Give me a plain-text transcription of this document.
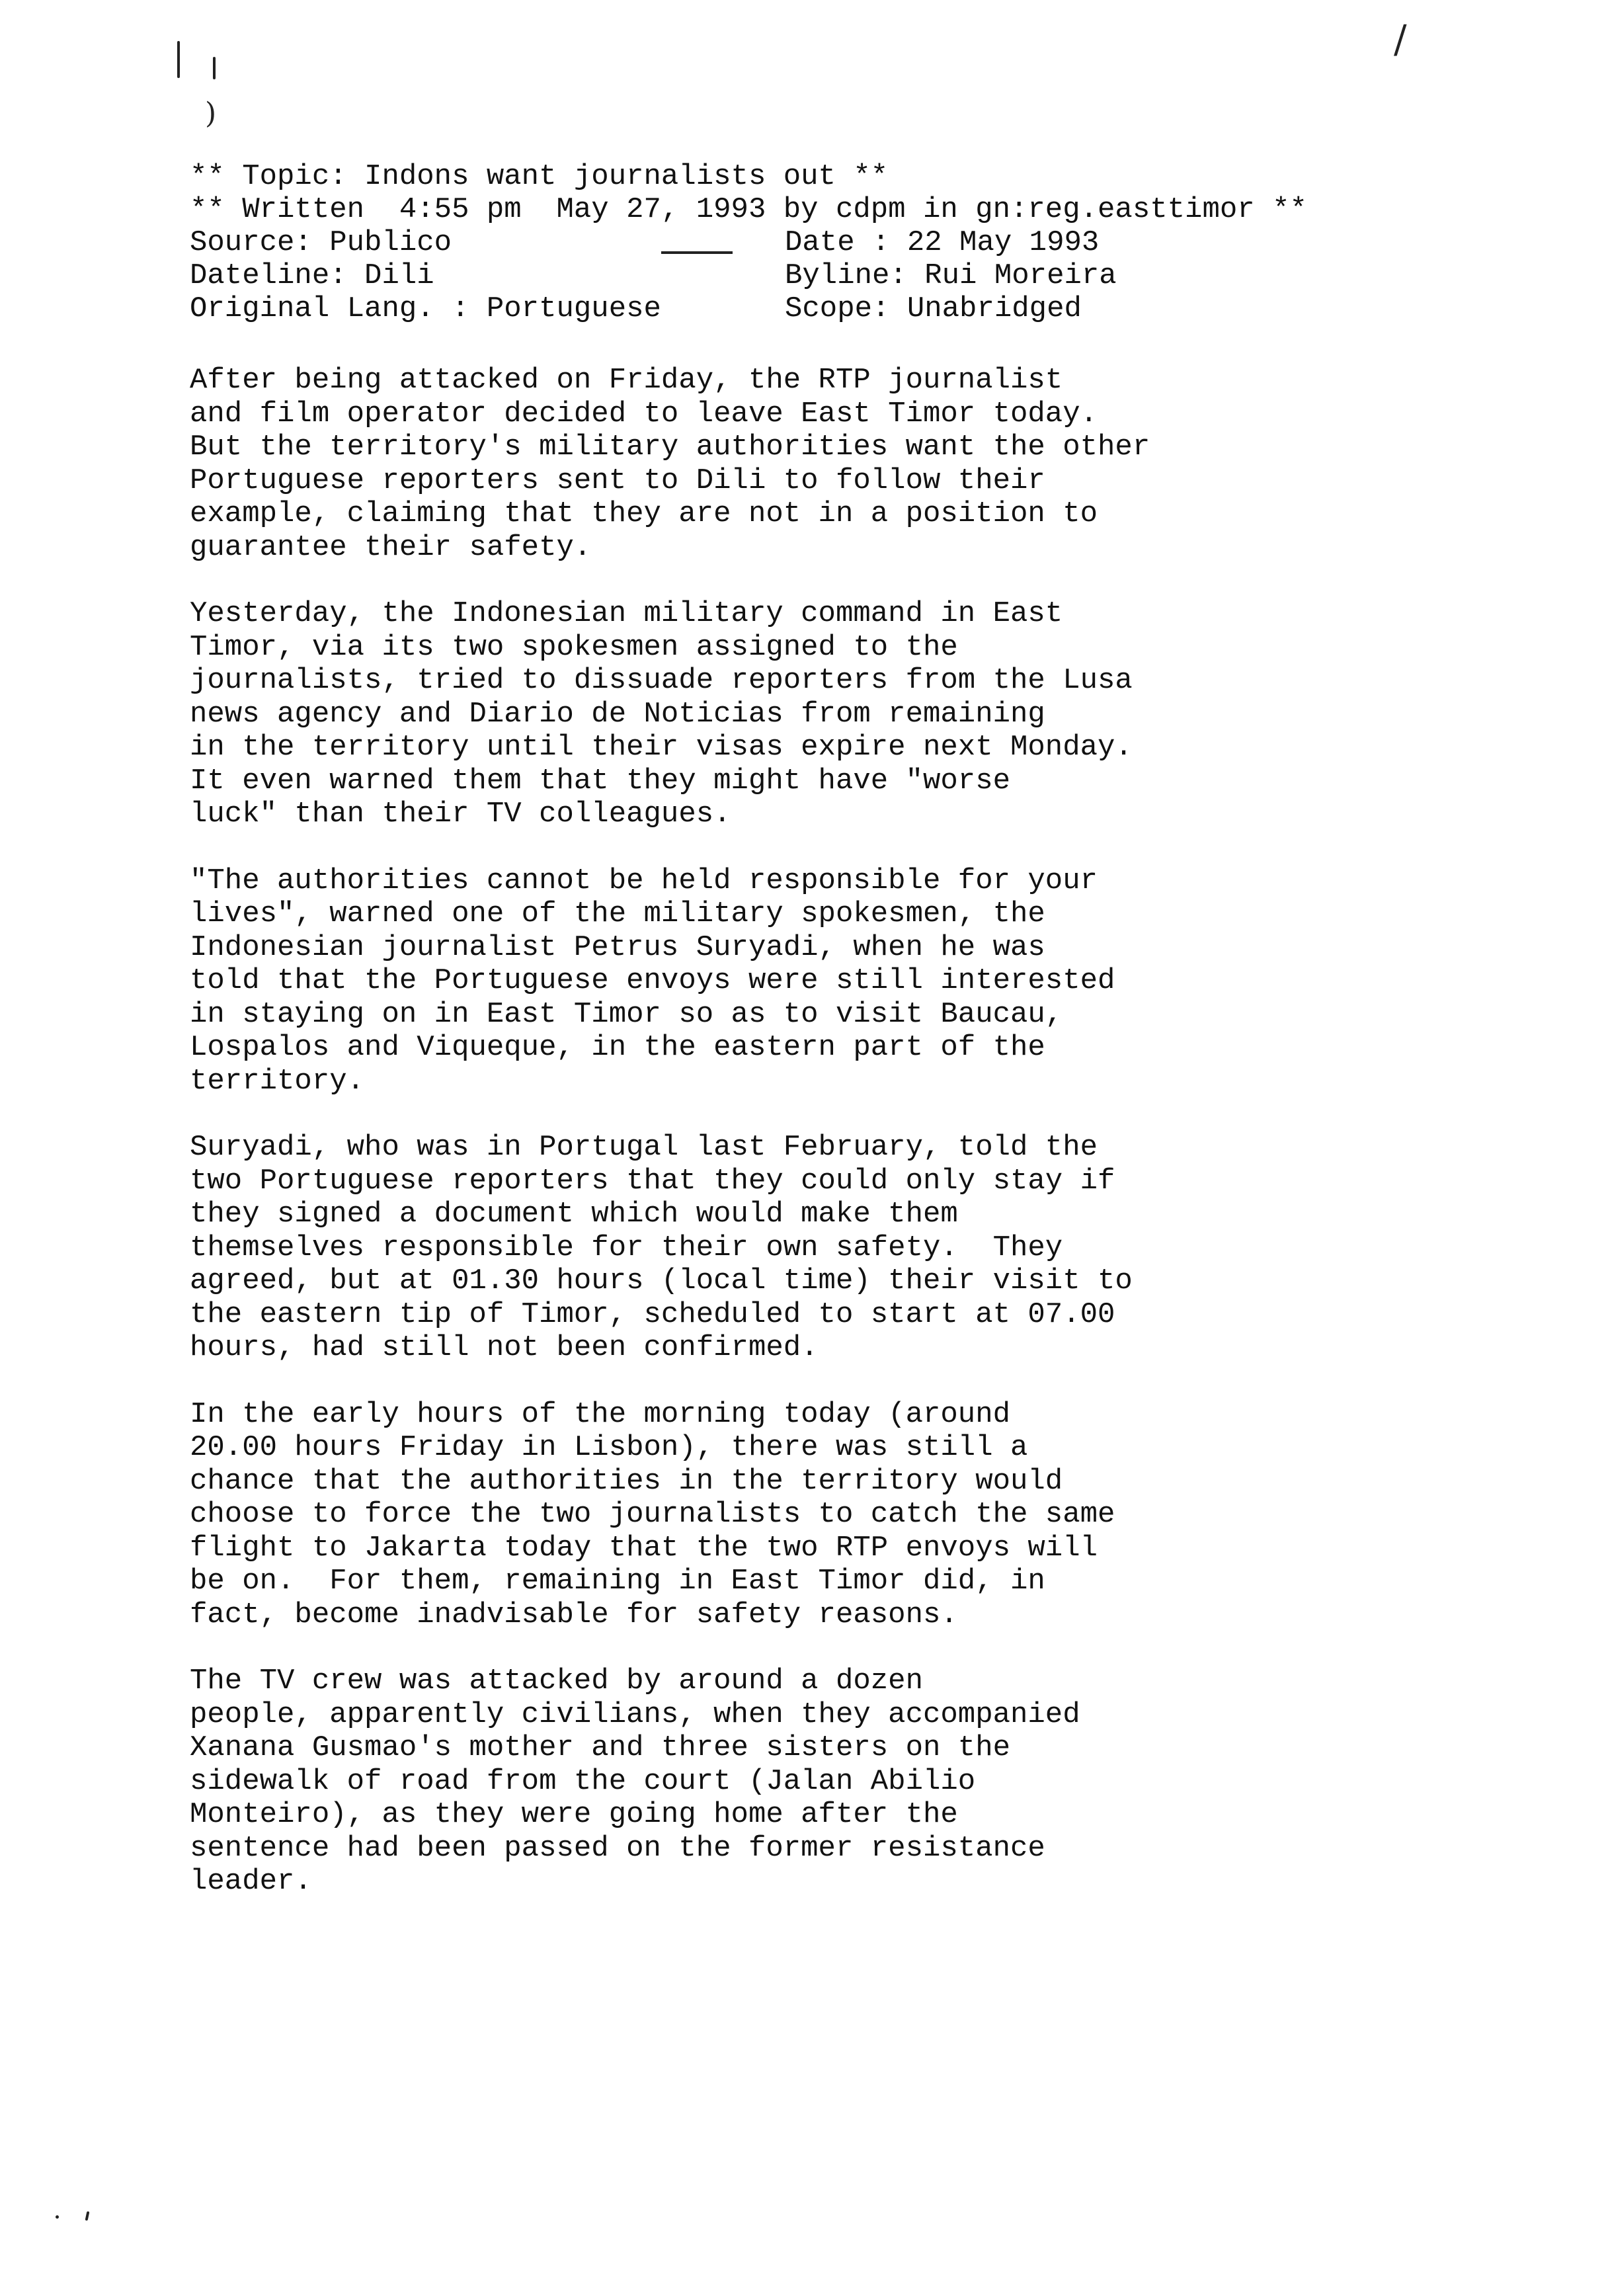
)
/
** Topic: Indons want journalists out **
** Written  4:55 pm  May 27, 1993 by cdpm in gn:reg.easttimor **
Source: Publico	Date : 22 May 1993
Dateline: Dili	Byline: Rui Moreira
Original Lang. : Portuguese	Scope: Unabridged

After being attacked on Friday, the RTP journalist
and film operator decided to leave East Timor today.
But the territory's military authorities want the other
Portuguese reporters sent to Dili to follow their
example, claiming that they are not in a position to
guarantee their safety.

Yesterday, the Indonesian military command in East
Timor, via its two spokesmen assigned to the
journalists, tried to dissuade reporters from the Lusa
news agency and Diario de Noticias from remaining
in the territory until their visas expire next Monday.
It even warned them that they might have "worse
luck" than their TV colleagues.

"The authorities cannot be held responsible for your
lives", warned one of the military spokesmen, the
Indonesian journalist Petrus Suryadi, when he was
told that the Portuguese envoys were still interested
in staying on in East Timor so as to visit Baucau,
Lospalos and Viqueque, in the eastern part of the
territory.

Suryadi, who was in Portugal last February, told the
two Portuguese reporters that they could only stay if
they signed a document which would make them
themselves responsible for their own safety.  They
agreed, but at 01.30 hours (local time) their visit to
the eastern tip of Timor, scheduled to start at 07.00
hours, had still not been confirmed.

In the early hours of the morning today (around
20.00 hours Friday in Lisbon), there was still a
chance that the authorities in the territory would
choose to force the two journalists to catch the same
flight to Jakarta today that the two RTP envoys will
be on.  For them, remaining in East Timor did, in
fact, become inadvisable for safety reasons.

The TV crew was attacked by around a dozen
people, apparently civilians, when they accompanied
Xanana Gusmao's mother and three sisters on the
sidewalk of road from the court (Jalan Abilio
Monteiro), as they were going home after the
sentence had been passed on the former resistance
leader.
